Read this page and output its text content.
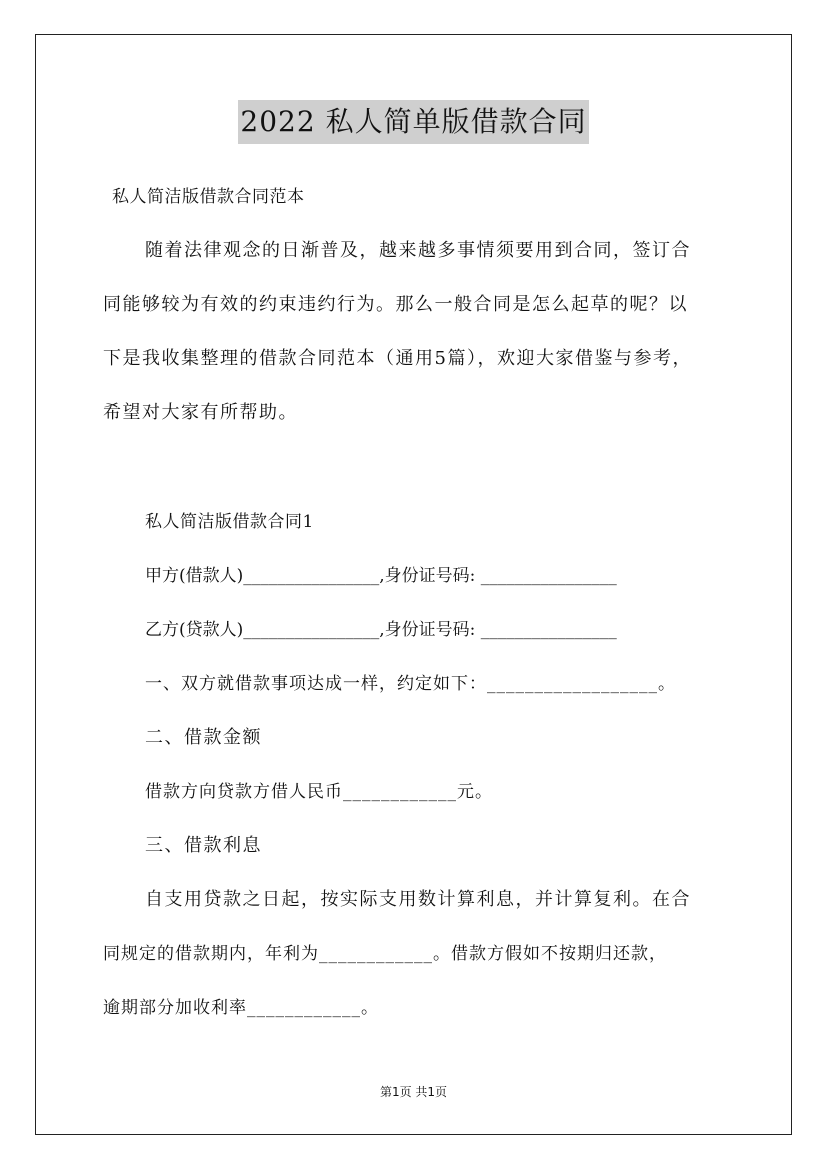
2022 私人简单版借款合同
私人简洁版借款合同范本
随着法律观念的日渐普及，越来越多事情须要用到合同，签订合
同能够较为有效的约束违约行为。那么一般合同是怎么起草的呢？以
下是我收集整理的借款合同范本（通用5篇），欢迎大家借鉴与参考，
希望对大家有所帮助。
私人简洁版借款合同1
甲方(借款人)________________,身份证号码: ________________
乙方(贷款人)________________,身份证号码: ________________
一、双方就借款事项达成一样，约定如下：__________________。
二、借款金额
借款方向贷款方借人民币____________元。
三、借款利息
自支用贷款之日起，按实际支用数计算利息，并计算复利。在合
同规定的借款期内，年利为____________。借款方假如不按期归还款，
逾期部分加收利率____________。
第1页 共1页
